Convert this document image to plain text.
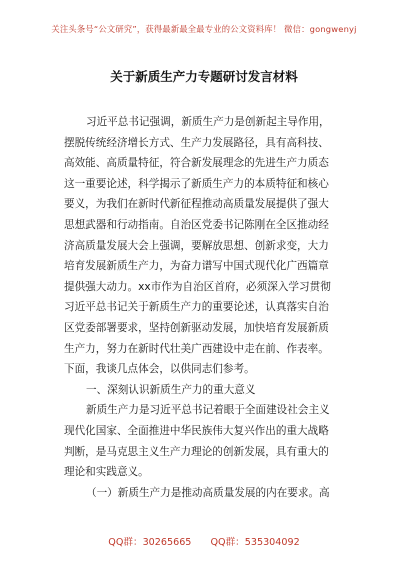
关注头条号“公文研究”，获得最新最全最专业的公文资料库！ 微信：gongwenyj
关于新质生产力专题研讨发言材料
习近平总书记强调，新质生产力是创新起主导作用，
摆脱传统经济增长方式、生产力发展路径，具有高科技、
高效能、高质量特征，符合新发展理念的先进生产力质态
这一重要论述，科学揭示了新质生产力的本质特征和核心
要义，为我们在新时代新征程推动高质量发展提供了强大
思想武器和行动指南。自治区党委书记陈刚在全区推动经
济高质量发展大会上强调，要解放思想、创新求变，大力
培育发展新质生产力，为奋力谱写中国式现代化广西篇章
提供强大动力。xx市作为自治区首府，必须深入学习贯彻
习近平总书记关于新质生产力的重要论述，认真落实自治
区党委部署要求，坚持创新驱动发展，加快培育发展新质
生产力，努力在新时代壮美广西建设中走在前、作表率。
下面，我谈几点体会，以供同志们参考。
一、深刻认识新质生产力的重大意义
新质生产力是习近平总书记着眼于全面建设社会主义
现代化国家、全面推进中华民族伟大复兴作出的重大战略
判断，是马克思主义生产力理论的创新发展，具有重大的
理论和实践意义。
（一）新质生产力是推动高质量发展的内在要求。高
QQ群：30265665 QQ群：535304092
